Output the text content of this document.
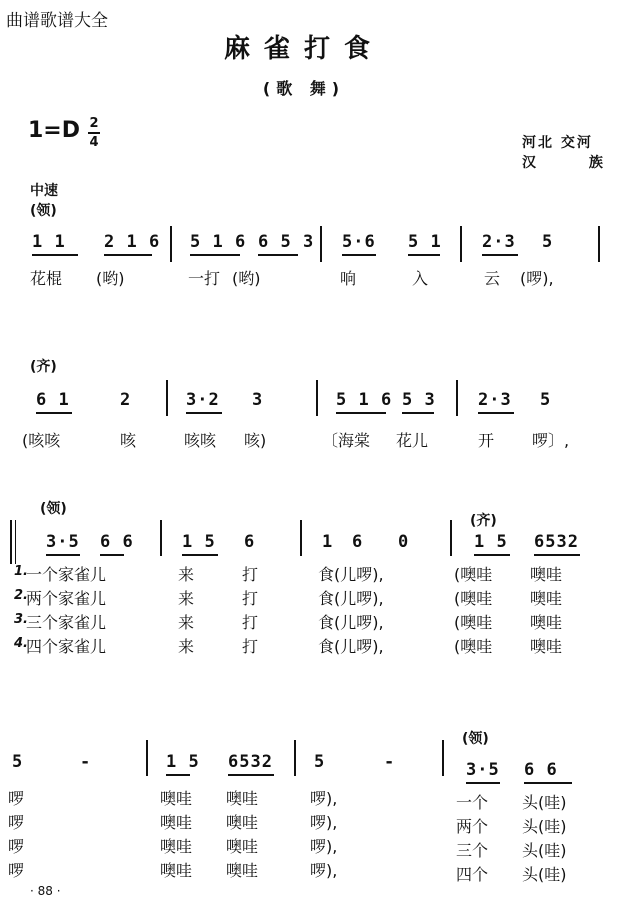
曲谱歌谱大全
麻雀打食
(歌 舞)
1=D 2
4	河北 交河
汉 族
中速
(领)
1 1 2 1 6 5 1 6 6 5 3 5·6 5 1 2·3 5
花棍 (哟)	一打 (哟)	响	入	云 (啰),
(齐)
6 1	2	3·2 3	5 1 6 5 3 2·3 5
(咳咳	咳	咳咳 咳)	〔海棠 花儿	开 啰〕,
(领)
(齐)
3·5 6 6	1 5 6	1 6 0	1 5 6532
1.
一个家雀儿	来	打	食(儿啰),	(噢哇 噢哇
2.
两个家雀儿	来	打	食(儿啰),	(噢哇 噢哇
3.
三个家雀儿	来	打	食(儿啰),	(噢哇 噢哇
4.
四个家雀儿	来	打	食(儿啰),	(噢哇 噢哇
(领)
5	-	1 5 6532 5	-	3·5 6 6
啰	噢哇 噢哇	啰),	一个 头(哇)
啰	噢哇 噢哇	啰),	两个 头(哇)
啰	噢哇 噢哇	啰),	三个 头(哇)
啰	噢哇 噢哇	啰),	四个 头(哇)
· 88 ·
